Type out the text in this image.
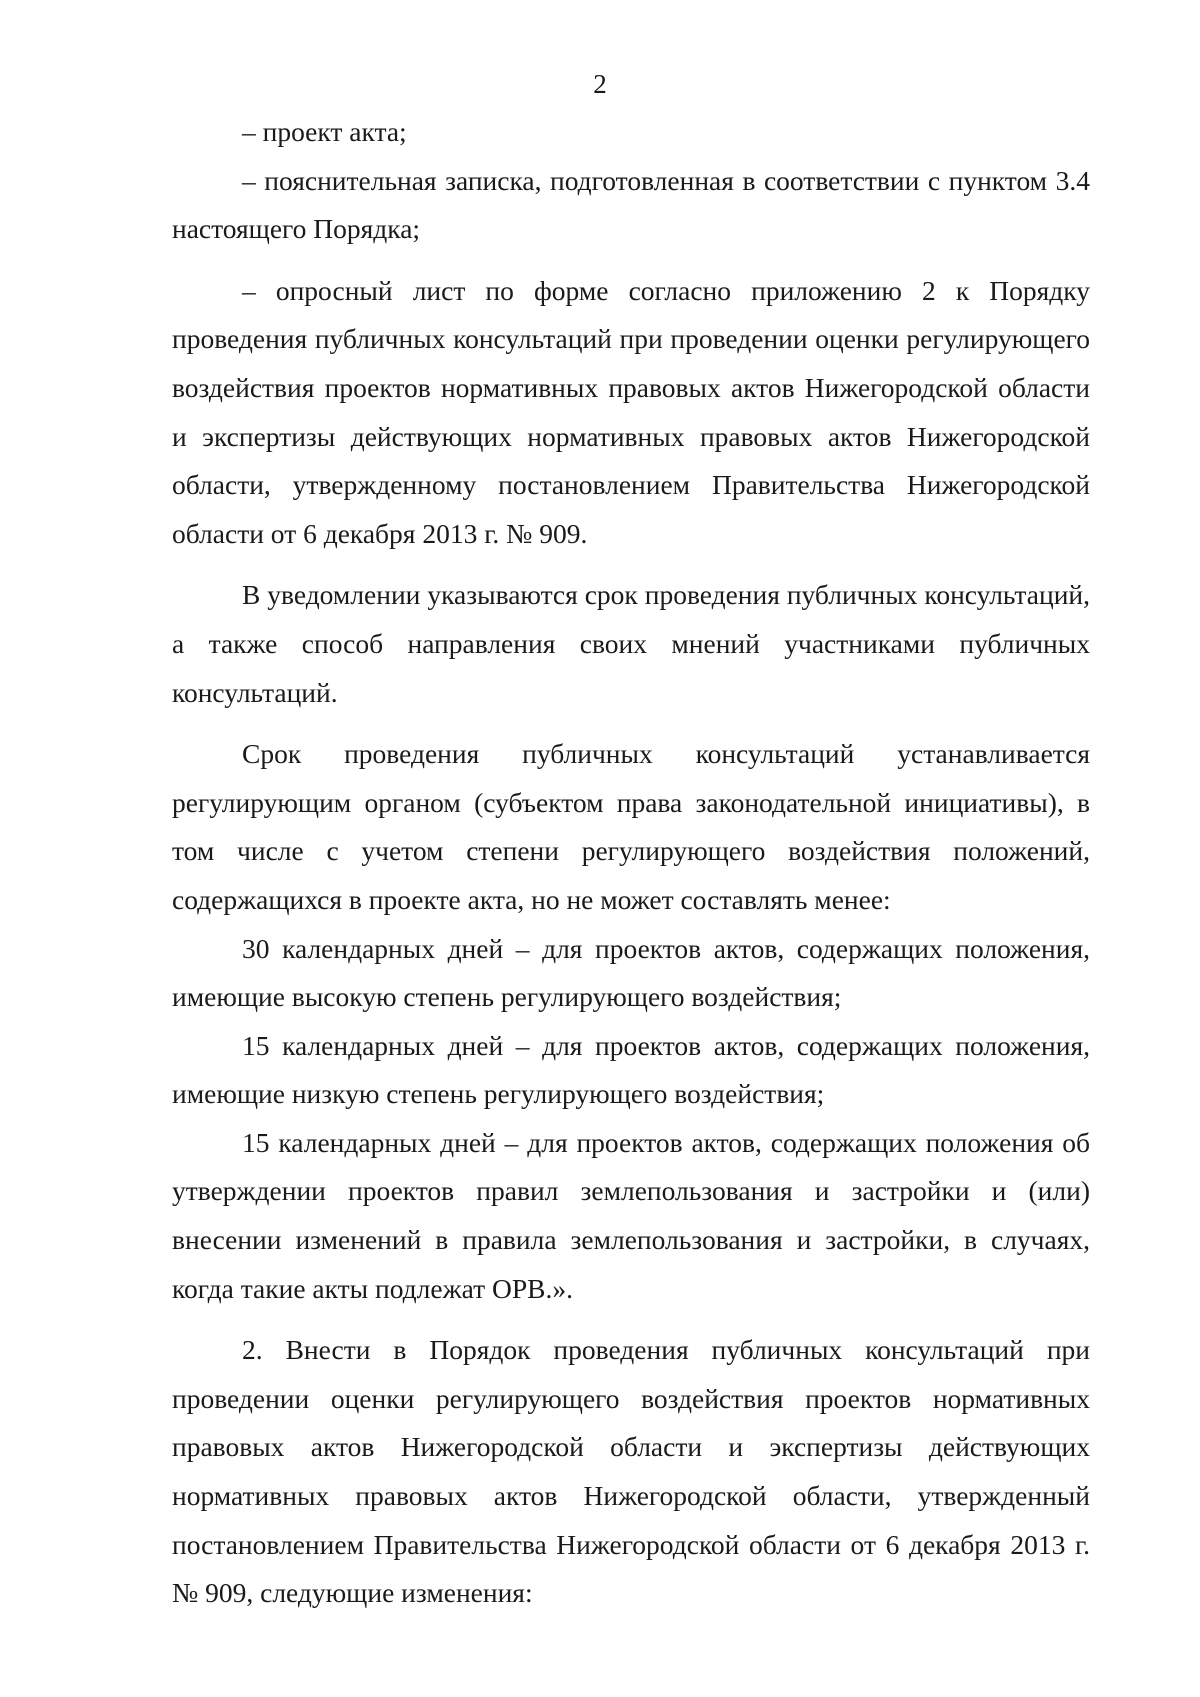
2

– проект акта;

– пояснительная записка, подготовленная в соответствии с пунктом 3.4 настоящего Порядка;

– опросный лист по форме согласно приложению 2 к Порядку проведения публичных консультаций при проведении оценки регулирующего воздействия проектов нормативных правовых актов Нижегородской области и экспертизы действующих нормативных правовых актов Нижегородской области, утвержденному постановлением Правительства Нижегородской области от 6 декабря 2013 г. № 909.

В уведомлении указываются срок проведения публичных консультаций, а также способ направления своих мнений участниками публичных консультаций.

Срок проведения публичных консультаций устанавливается регулирующим органом (субъектом права законодательной инициативы), в том числе с учетом степени регулирующего воздействия положений, содержащихся в проекте акта, но не может составлять менее:

30 календарных дней – для проектов актов, содержащих положения, имеющие высокую степень регулирующего воздействия;

15 календарных дней – для проектов актов, содержащих положения, имеющие низкую степень регулирующего воздействия;

15 календарных дней – для проектов актов, содержащих положения об утверждении проектов правил землепользования и застройки и (или) внесении изменений в правила землепользования и застройки, в случаях, когда такие акты подлежат ОРВ.».

2. Внести в Порядок проведения публичных консультаций при проведении оценки регулирующего воздействия проектов нормативных правовых актов Нижегородской области и экспертизы действующих нормативных правовых актов Нижегородской области, утвержденный постановлением Правительства Нижегородской области от 6 декабря 2013 г. № 909, следующие изменения:
